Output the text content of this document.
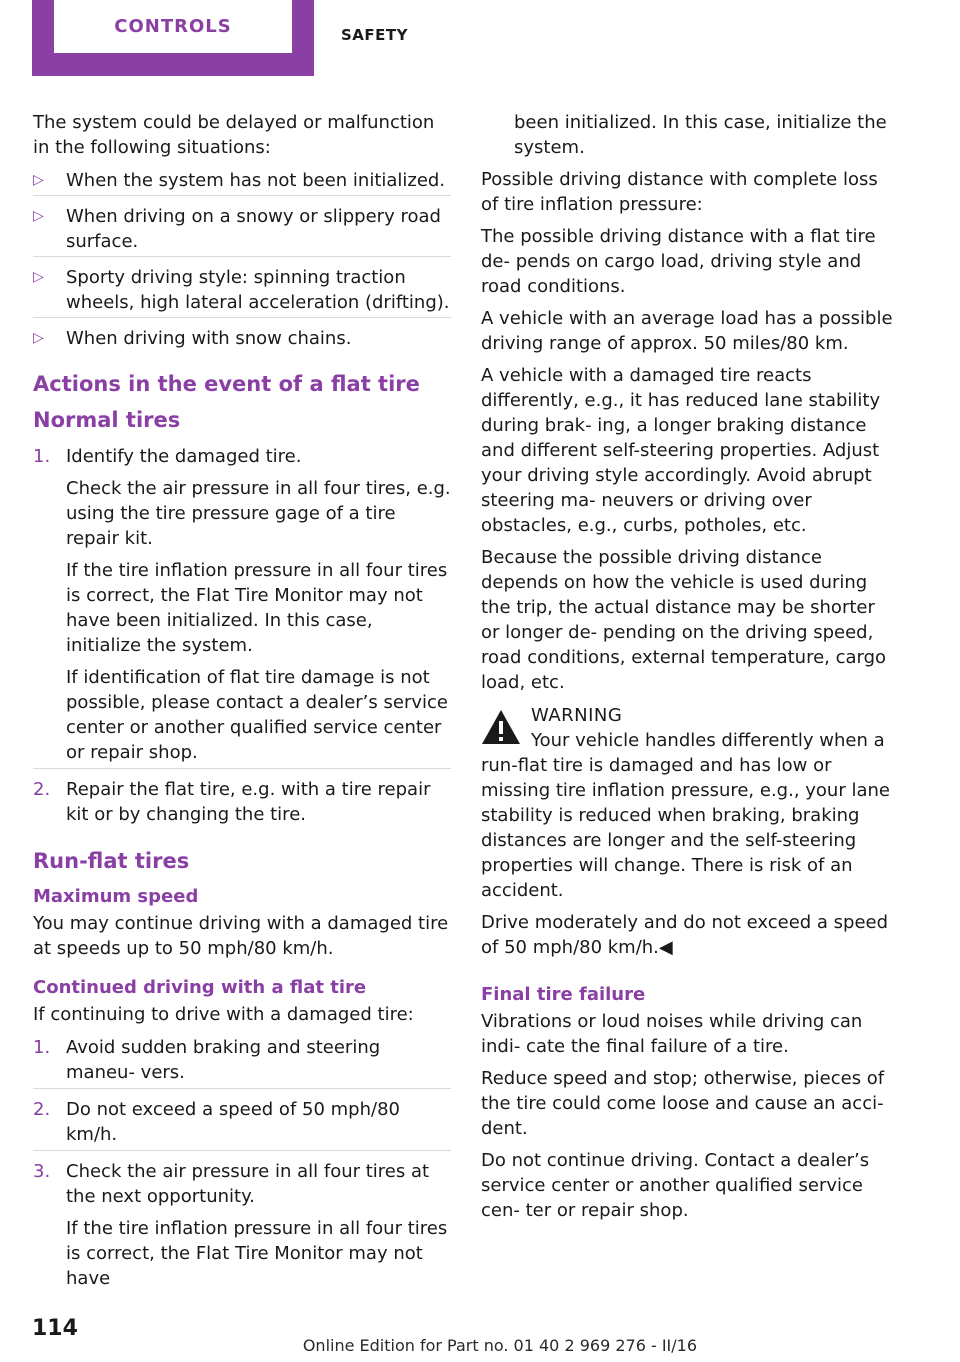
CONTROLS	SAFETY

The system could be delayed or malfunction in the following situations:

▷ When the system has not been initialized.
▷ When driving on a snowy or slippery road surface.
▷ Sporty driving style: spinning traction wheels, high lateral acceleration (drifting).
▷ When driving with snow chains.
Actions in the event of a flat tire
Normal tires
1. Identify the damaged tire.
Check the air pressure in all four tires, e.g. using the tire pressure gage of a tire repair kit.
If the tire inflation pressure in all four tires is correct, the Flat Tire Monitor may not have been initialized. In this case, initialize the system.
If identification of flat tire damage is not possible, please contact a dealer’s service center or another qualified service center or repair shop.
2. Repair the flat tire, e.g. with a tire repair kit or by changing the tire.
Run-flat tires
Maximum speed

You may continue driving with a damaged tire at speeds up to 50 mph/80 km/h.

Continued driving with a flat tire

If continuing to drive with a damaged tire:

1. Avoid sudden braking and steering maneu‐ vers.
2. Do not exceed a speed of 50 mph/80 km/h.
3. Check the air pressure in all four tires at the next opportunity.
If the tire inflation pressure in all four tires is correct, the Flat Tire Monitor may not have

been initialized. In this case, initialize the system.

Possible driving distance with complete loss of tire inflation pressure:

The possible driving distance with a flat tire de‐ pends on cargo load, driving style and road conditions.

A vehicle with an average load has a possible driving range of approx. 50 miles/80 km.

A vehicle with a damaged tire reacts differently, e.g., it has reduced lane stability during brak‐ ing, a longer braking distance and different self-steering properties. Adjust your driving style accordingly. Avoid abrupt steering ma‐ neuvers or driving over obstacles, e.g., curbs, potholes, etc.

Because the possible driving distance depends on how the vehicle is used during the trip, the actual distance may be shorter or longer de‐ pending on the driving speed, road conditions, external temperature, cargo load, etc.

WARNING

Your vehicle handles differently when a run-flat tire is damaged and has low or missing tire inflation pressure, e.g., your lane stability is reduced when braking, braking distances are longer and the self-steering properties will change. There is risk of an accident.

Drive moderately and do not exceed a speed of 50 mph/80 km/h.◀

Final tire failure

Vibrations or loud noises while driving can indi‐ cate the final failure of a tire.

Reduce speed and stop; otherwise, pieces of the tire could come loose and cause an acci‐ dent.

Do not continue driving. Contact a dealer’s service center or another qualified service cen‐ ter or repair shop.

114
Online Edition for Part no. 01 40 2 969 276 - II/16
